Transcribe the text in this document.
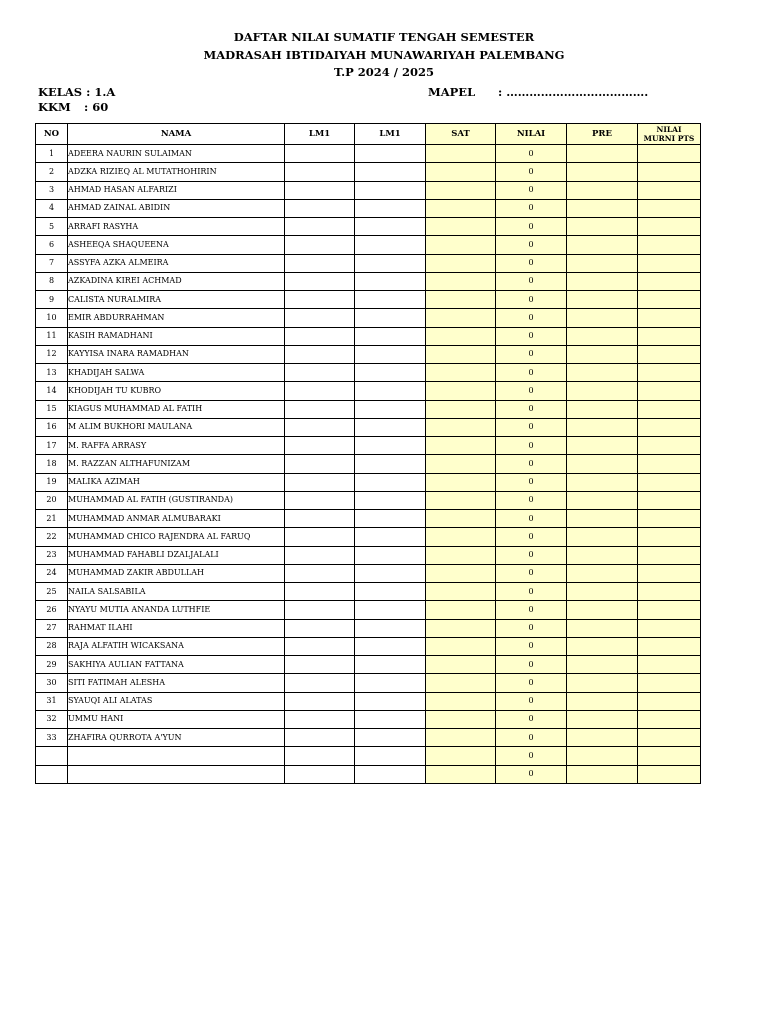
DAFTAR NILAI SUMATIF TENGAH SEMESTER
MADRASAH IBTIDAIYAH MUNAWARIYAH PALEMBANG
T.P 2024 / 2025
KELAS : 1.A
KKM : 60
MAPEL : ……………………………….
NO	NAMA	LM1	LM1	SAT	NILAI	PRE	NILAI
MURNI PTS
1	ADEERA NAURIN SULAIMAN				0		
2	ADZKA RIZIEQ AL MUTATHOHIRIN				0		
3	AHMAD HASAN ALFARIZI				0		
4	AHMAD ZAINAL ABIDIN				0		
5	ARRAFI RASYHA				0		
6	ASHEEQA SHAQUEENA				0		
7	ASSYFA AZKA ALMEIRA				0		
8	AZKADINA KIREI ACHMAD				0		
9	CALISTA NURALMIRA				0		
10	EMIR ABDURRAHMAN				0		
11	KASIH RAMADHANI				0		
12	KAYYISA INARA RAMADHAN				0		
13	KHADIJAH SALWA				0		
14	KHODIJAH TU KUBRO				0		
15	KIAGUS MUHAMMAD AL FATIH				0		
16	M ALIM BUKHORI MAULANA				0		
17	M. RAFFA ARRASY				0		
18	M. RAZZAN ALTHAFUNIZAM				0		
19	MALIKA AZIMAH				0		
20	MUHAMMAD AL FATIH (GUSTIRANDA)				0		
21	MUHAMMAD ANMAR ALMUBARAKI				0		
22	MUHAMMAD CHICO RAJENDRA AL FARUQ				0		
23	MUHAMMAD FAHABLI DZALJALALI				0		
24	MUHAMMAD ZAKIR ABDULLAH				0		
25	NAILA SALSABILA				0		
26	NYAYU MUTIA ANANDA LUTHFIE				0		
27	RAHMAT ILAHI				0		
28	RAJA ALFATIH WICAKSANA				0		
29	SAKHIYA AULIAN FATTANA				0		
30	SITI FATIMAH ALESHA				0		
31	SYAUQI ALI ALATAS				0		
32	UMMU HANI				0		
33	ZHAFIRA QURROTA A'YUN				0		
					0		
					0		
